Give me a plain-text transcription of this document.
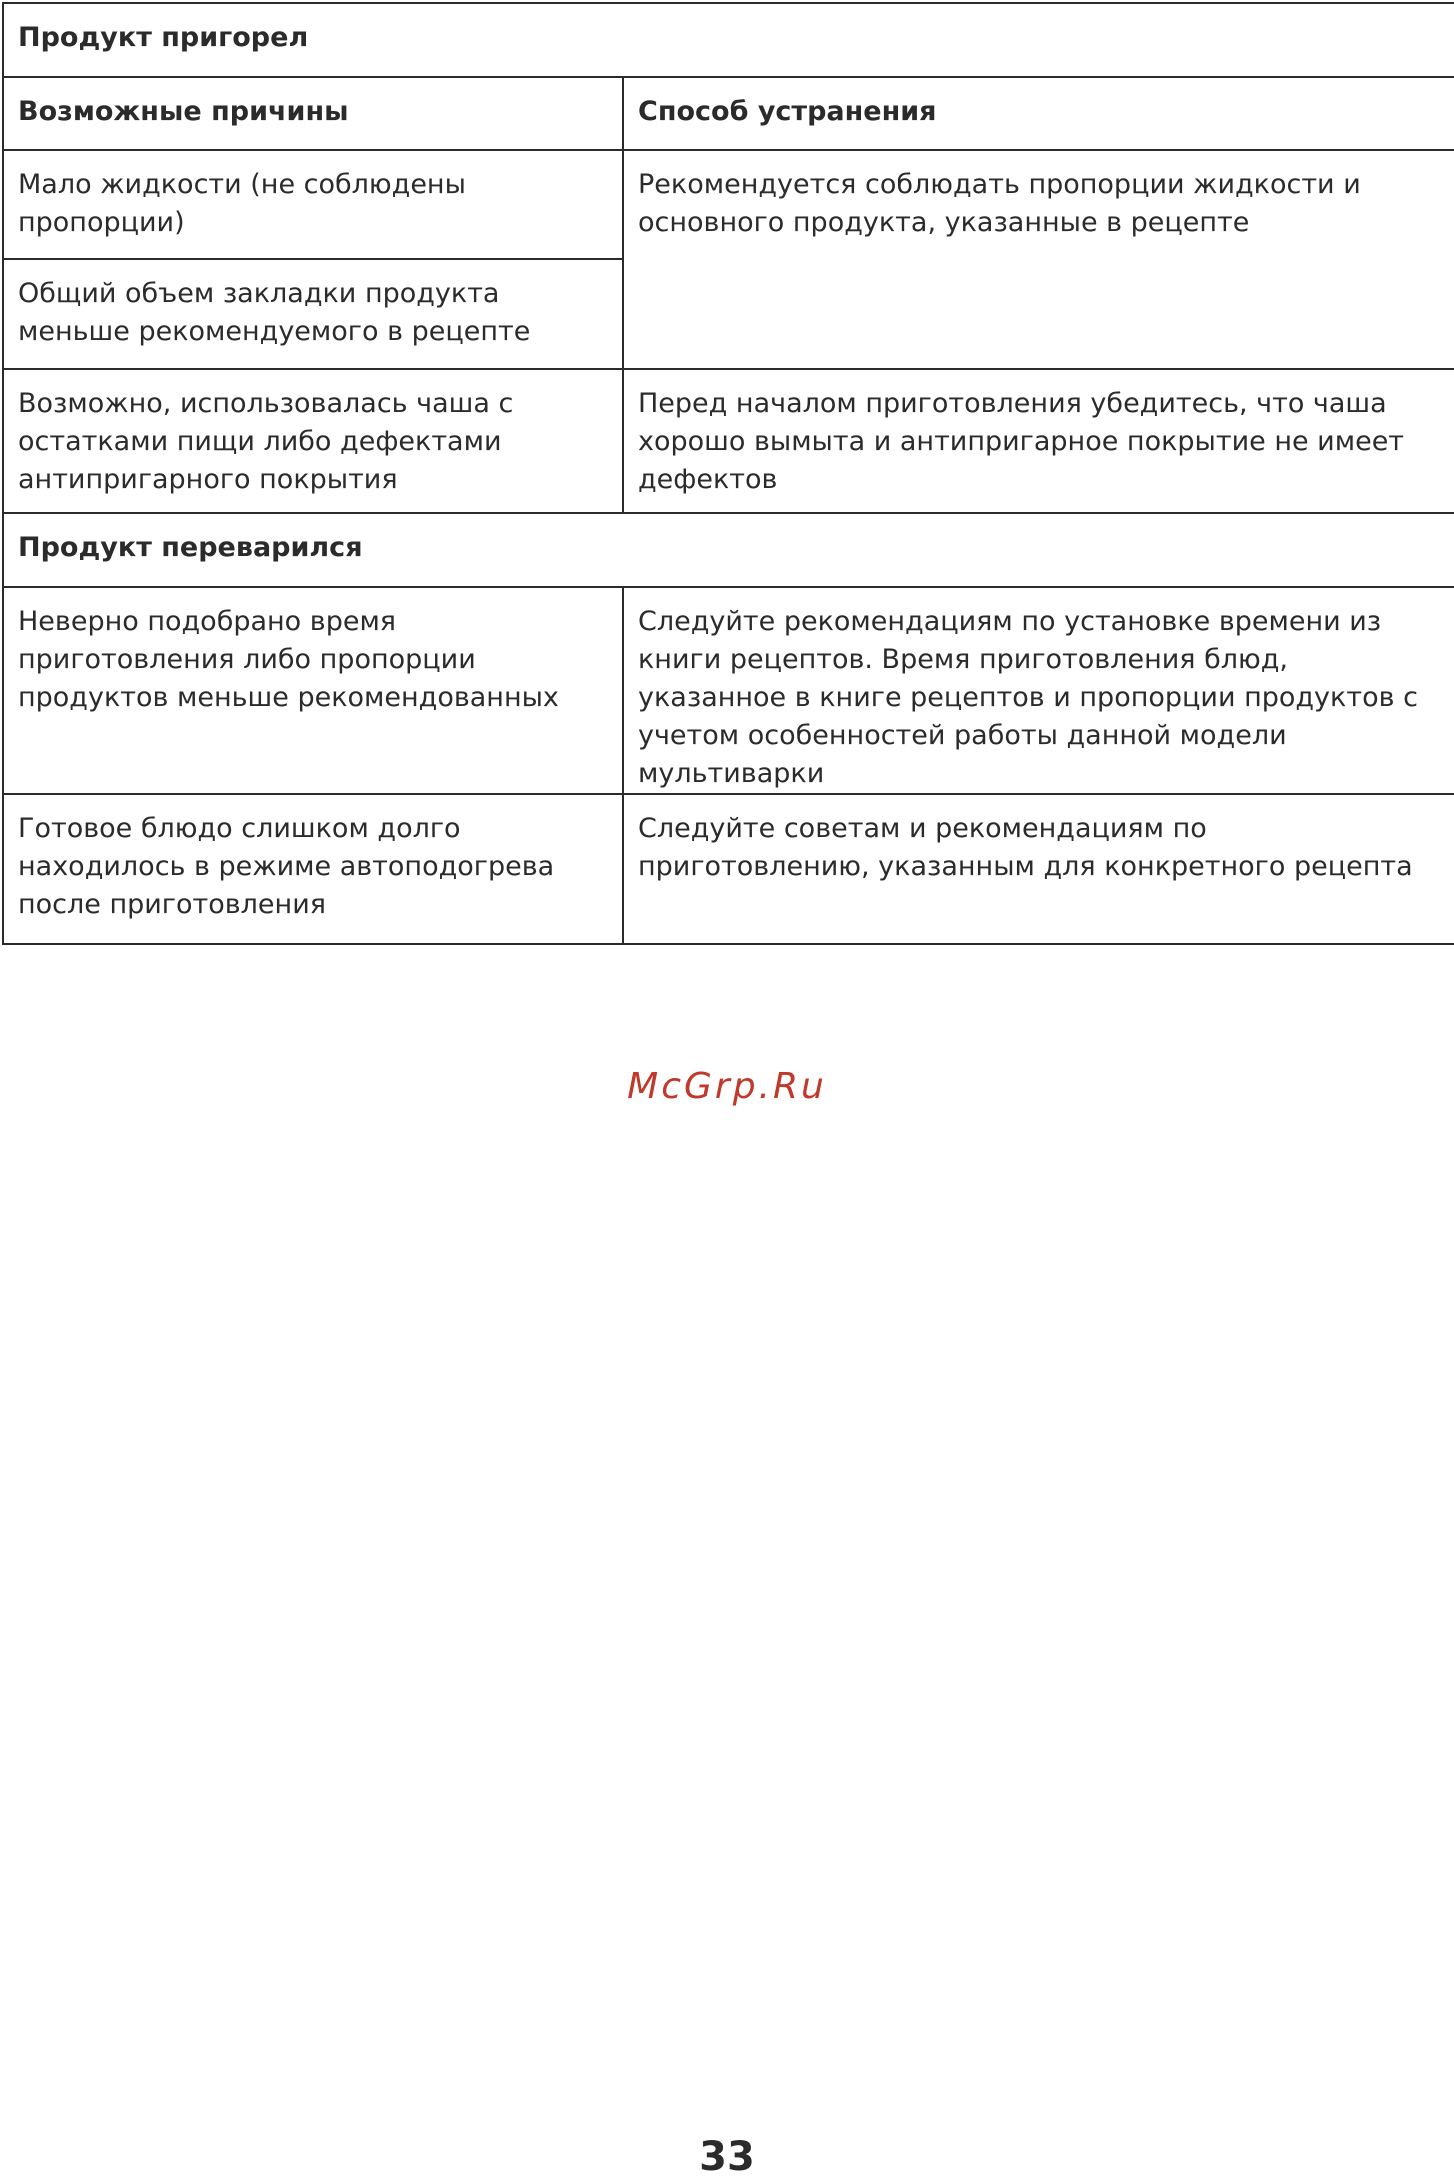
Продукт пригорел	
Возможные причины	Способ устранения
Мало жидкости (не соблюдены пропорции)	Рекомендуется соблюдать пропорции жидкости и основного продукта, указанные в рецепте
Общий объем закладки продукта меньше рекомендуемого в рецепте	
Возможно, использовалась чаша с остатками пищи либо дефектами антипригарного покрытия	Перед началом приготовления убедитесь, что чаша хорошо вымыта и антипригарное покрытие не имеет дефектов
Продукт переварился	
Неверно подобрано время приготовления либо пропорции продуктов меньше рекомендованных	Следуйте рекомендациям по установке времени из книги рецептов. Время приготовления блюд, указанное в книге рецептов и пропорции продуктов с учетом особенностей работы данной модели мультиварки
Готовое блюдо слишком долго находилось в режиме автоподогрева после приготовления	Следуйте советам и рекомендациям по приготовлению, указанным для конкретного рецепта
McGrp.Ru
33
